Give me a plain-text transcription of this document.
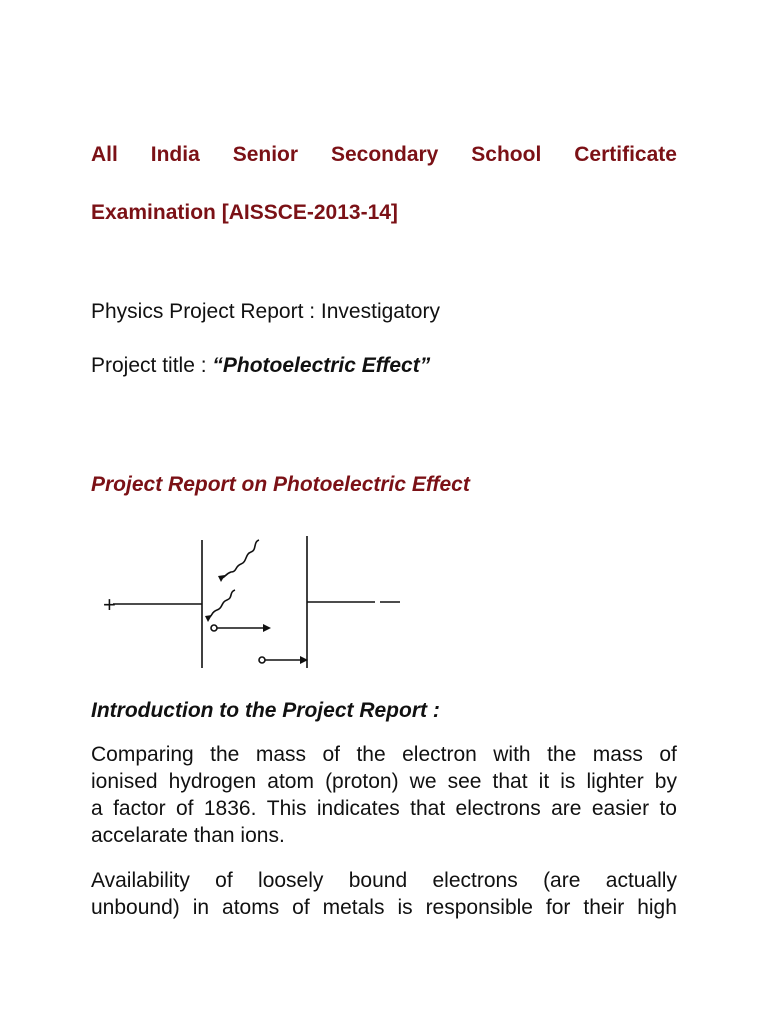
All India Senior Secondary School Certificate
Examination [AISSCE-2013-14]
Physics Project Report : Investigatory
Project title : “Photoelectric Effect”
Project Report on Photoelectric Effect
+
Introduction to the Project Report :
Comparing the mass of the electron with the mass of
ionised hydrogen atom (proton) we see that it is lighter by
a factor of 1836. This indicates that electrons are easier to
accelarate than ions.
Availability of loosely bound electrons (are actually
unbound) in atoms of metals is responsible for their high
